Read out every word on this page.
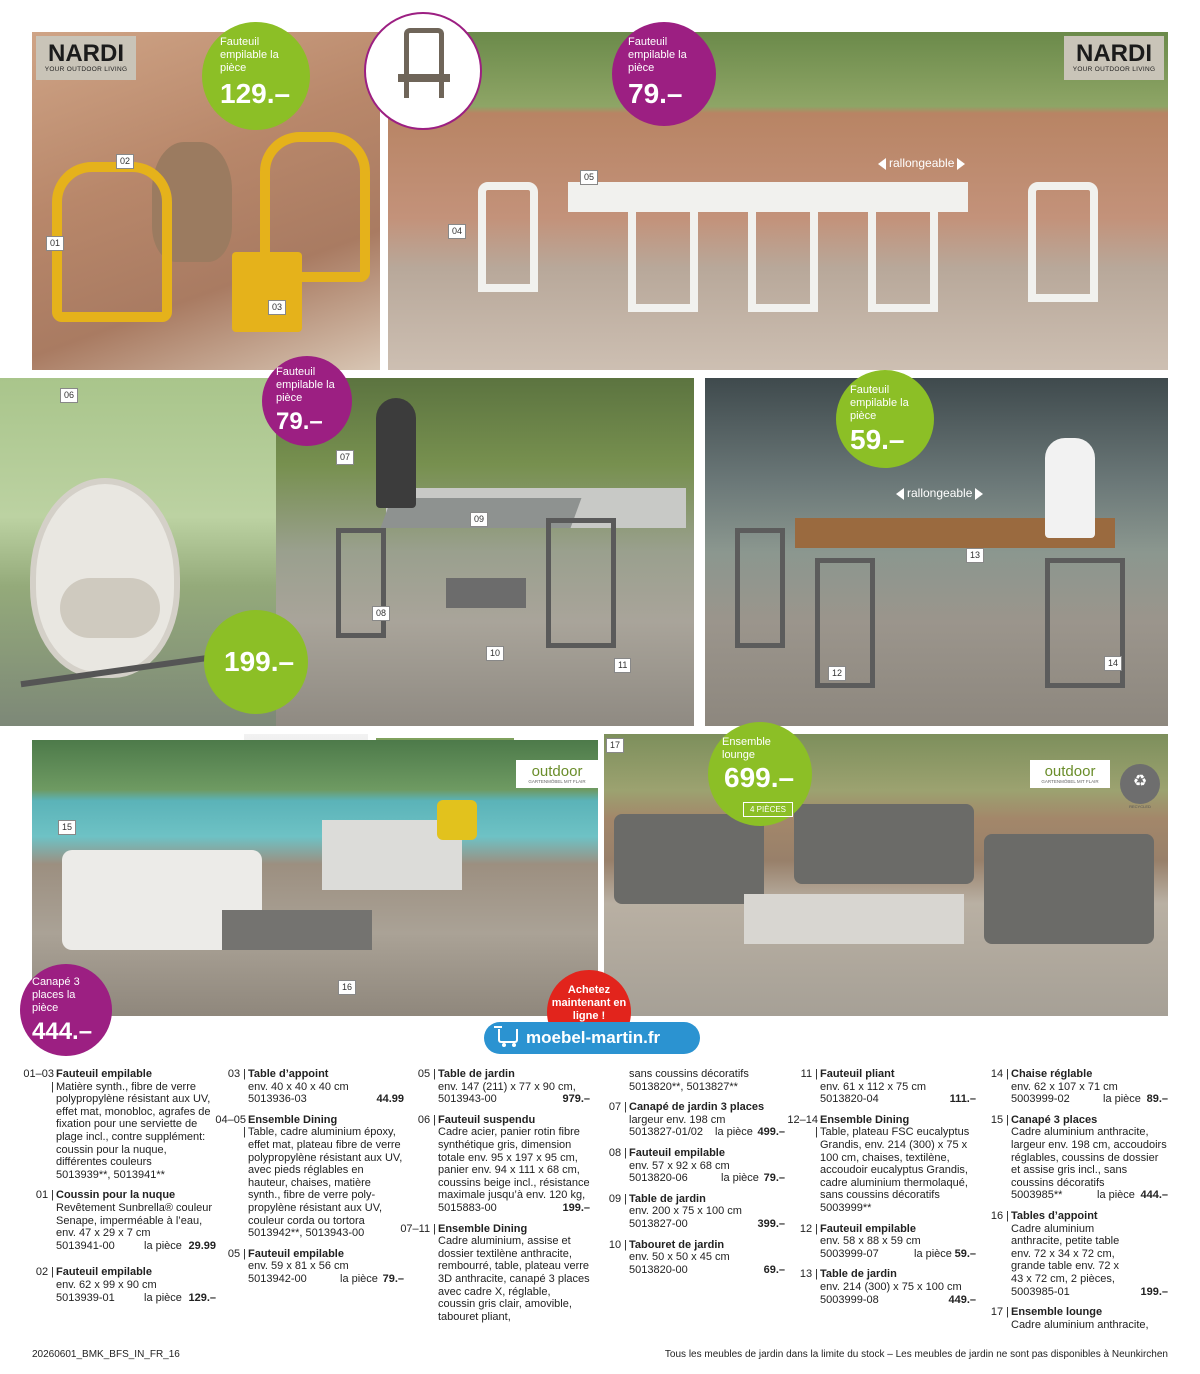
NARDI
YOUR OUTDOOR LIVING
NARDI
YOUR OUTDOOR LIVING
outdoor
GARTENMÖBEL MIT FLAIR
outdoor
GARTENMÖBEL MIT FLAIR	♻
RECYCLED
Fauteuil empilable la pièce
129.–
Fauteuil empilable la pièce
79.–
Fauteuil empilable la pièce
79.–
Fauteuil empilable la pièce
59.–
199.–
Ensemble lounge
699.–
4 PIÈCES
Canapé 3 places la pièce
444.–
rallongeable
rallongeable
01
02
03
04
05
06
07
08
09
10
11
12
13
14
15
16
17
Achetez maintenant en ligne !
moebel-martin.fr
01–03 |
Fauteuil empilable
Matière synth., fibre de verre polypropylène résistant aux UV, effet mat, monobloc, agrafes de fixation pour une serviette de plage incl., contre supplément: coussin pour la nuque, différentes couleurs
5013939**, 5013941**
01 | Coussin pour la nuque
Revêtement Sunbrella® couleur Senape, imperméable à l’eau, env. 47 x 29 x 7 cm
5013941-00	la pièce 29.99
02 | Fauteuil empilable
env. 62 x 99 x 90 cm
5013939-01	la pièce 129.–
03 | Table d’appoint
env. 40 x 40 x 40 cm
5013936-03	44.99
04–05 |
Ensemble Dining
Table, cadre aluminium époxy, effet mat, plateau fibre de verre polypropylène résistant aux UV, avec pieds réglables en hauteur, chaises, matière synth., fibre de verre poly-propylène résistant aux UV, couleur corda ou tortora
5013942**, 5013943-00
05 | Fauteuil empilable
env. 59 x 81 x 56 cm
5013942-00	la pièce 79.–
05 | Table de jardin
env. 147 (211) x 77 x 90 cm,
5013943-00	979.–
06 | Fauteuil suspendu
Cadre acier, panier rotin fibre synthétique gris, dimension totale env. 95 x 197 x 95 cm, panier env. 94 x 111 x 68 cm, coussins beige incl., résistance maximale jusqu’à env. 120 kg,
5015883-00	199.–
07–11 | Ensemble Dining
Cadre aluminium, assise et dossier textilène anthracite, rembourré, table, plateau verre 3D anthracite, canapé 3 places avec cadre X, réglable, coussin gris clair, amovible, tabouret pliant,
sans coussins décoratifs
5013820**, 5013827**
07 | Canapé de jardin 3 places
largeur env. 198 cm
5013827-01/02 la pièce 499.–
08 | Fauteuil empilable
env. 57 x 92 x 68 cm
5013820-06	la pièce 79.–
09 | Table de jardin
env. 200 x 75 x 100 cm
5013827-00	399.–
10 | Tabouret de jardin
env. 50 x 50 x 45 cm
5013820-00	69.–
11 | Fauteuil pliant
env. 61 x 112 x 75 cm
5013820-04	111.–
12–14 |
Ensemble Dining
Table, plateau FSC eucalyptus Grandis, env. 214 (300) x 75 x 100 cm, chaises, textilène, accoudoir eucalyptus Grandis, cadre aluminium thermolaqué, sans coussins décoratifs
5003999**
12 | Fauteuil empilable
env. 58 x 88 x 59 cm
5003999-07	la pièce 59.–
13 | Table de jardin
env. 214 (300) x 75 x 100 cm
5003999-08	449.–
14 | Chaise réglable
env. 62 x 107 x 71 cm
5003999-02	la pièce 89.–
15 | Canapé 3 places
Cadre aluminium anthracite, largeur env. 198 cm, accoudoirs réglables, coussins de dossier et assise gris incl., sans coussins décoratifs
5003985**	la pièce 444.–
16 | Tables d’appoint
Cadre aluminium anthracite, petite table env. 72 x 34 x 72 cm, grande table env. 72 x 43 x 72 cm, 2 pièces, 5003985-01	199.–
17 | Ensemble lounge
Cadre aluminium anthracite,
20260601_BMK_BFS_IN_FR_16	Tous les meubles de jardin dans la limite du stock – Les meubles de jardin ne sont pas disponibles à Neunkirchen
